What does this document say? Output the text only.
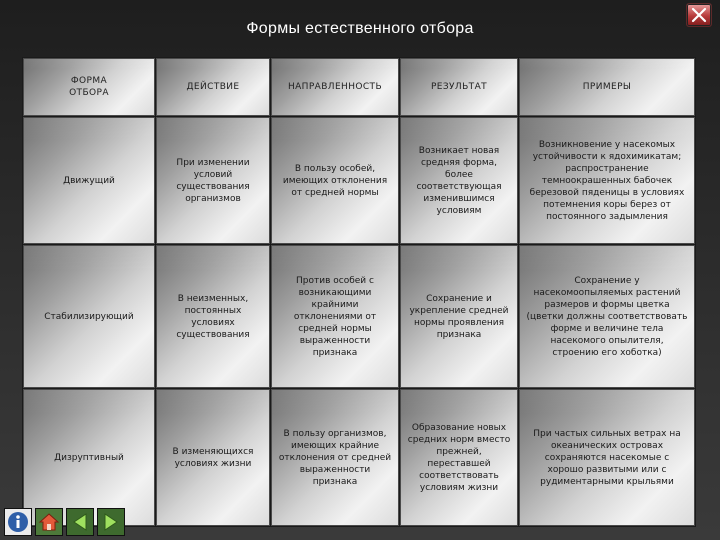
Формы естественного отбора
ФОРМА
ОТБОРА	ДЕЙСТВИЕ	НАПРАВЛЕННОСТЬ	РЕЗУЛЬТАТ	ПРИМЕРЫ
Движущий	При изменении условий существования организмов	В пользу особей, имеющих отклонения от средней нормы	Возникает новая средняя форма, более соответствующая изменившимся условиям	Возникновение у насекомых устойчивости к ядохимикатам; распространение темноокрашенных бабочек березовой пяденицы в условиях потемнения коры берез от постоянного задымления
Стабилизирующий	В неизменных, постоянных условиях существования	Против особей с возникающими крайними отклонениями от средней нормы выраженности признака	Сохранение и укрепление средней нормы проявления признака	Сохранение у насекомоопыляемых растений размеров и формы цветка (цветки должны соответствовать форме и величине тела насекомого опылителя, строению его хоботка)
Дизруптивный	В изменяющихся условиях жизни	В пользу организмов, имеющих крайние отклонения от средней выраженности признака	Образование новых средних норм вместо прежней, переставшей соответствовать условиям жизни	При частых сильных ветрах на океанических островах сохраняются насекомые с хорошо развитыми или с рудиментарными крыльями
